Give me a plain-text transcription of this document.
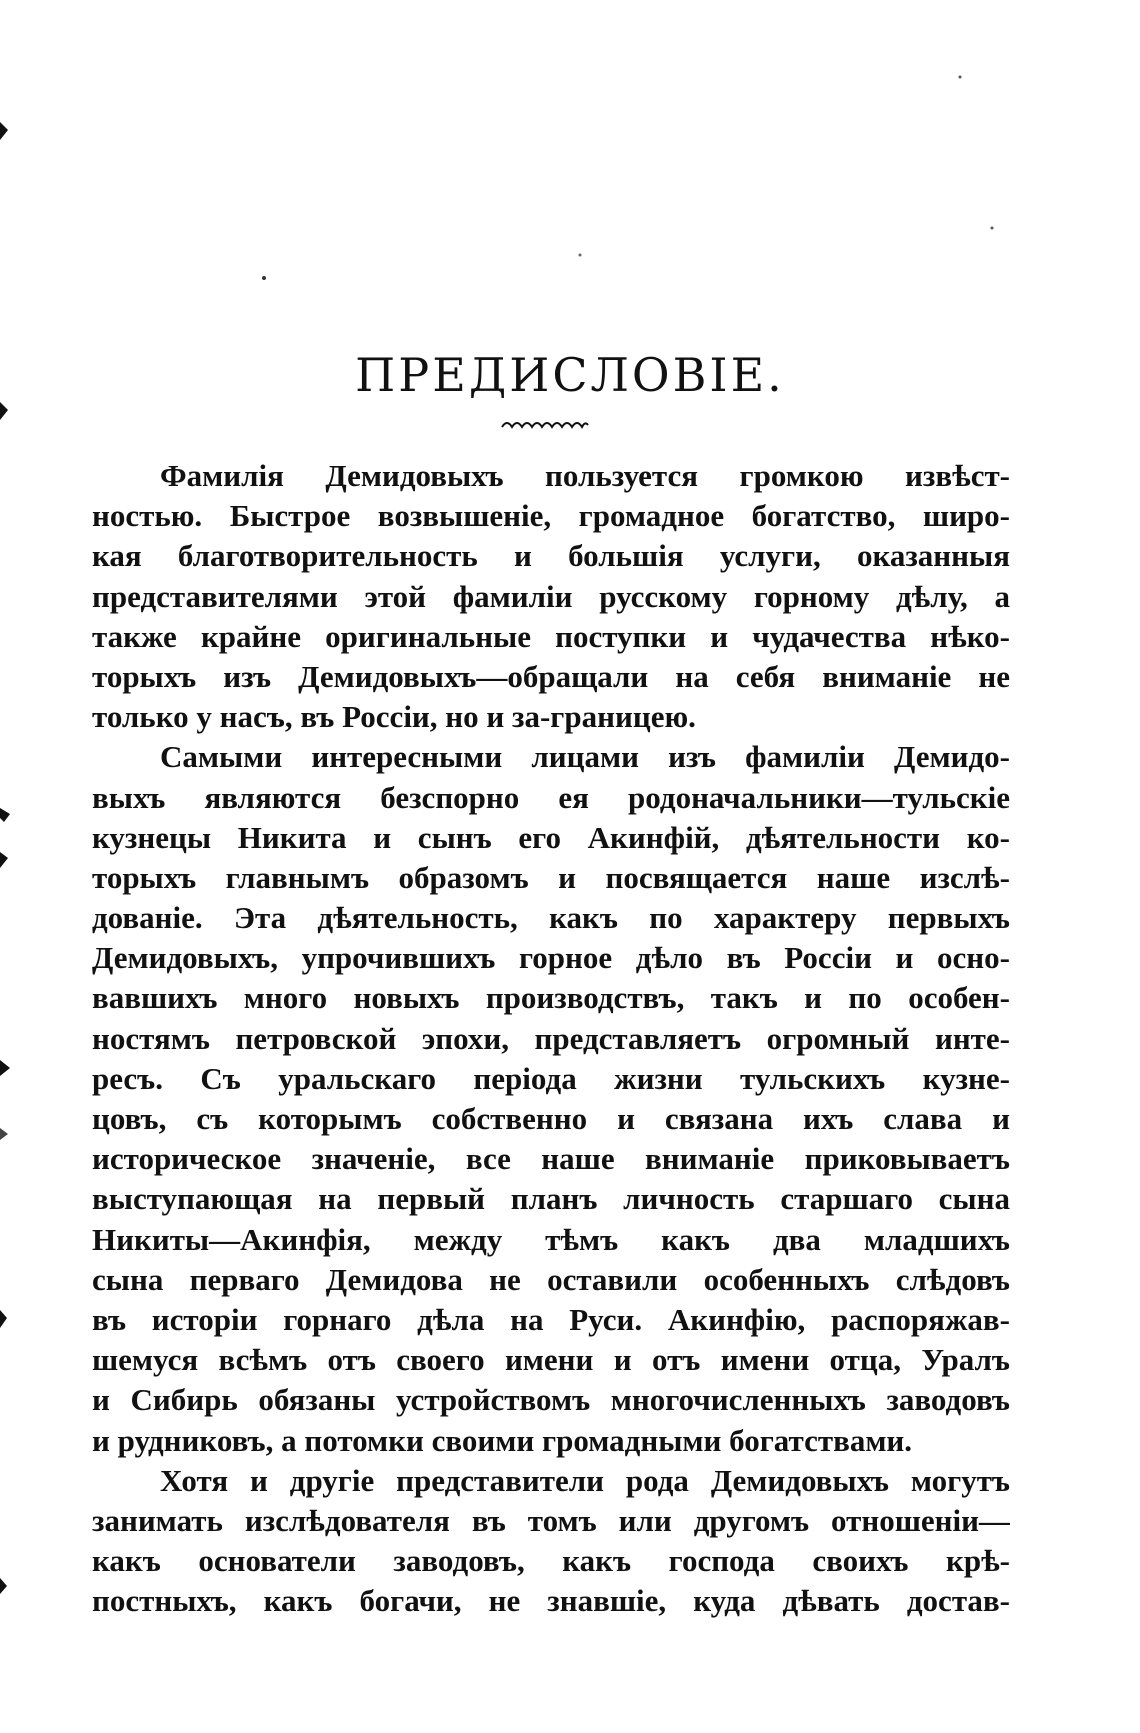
ПРЕДИСЛОВІЕ.
Фамилія Демидовыхъ пользуется громкою извѣст-
ностью. Быстрое возвышеніе, громадное богатство, широ-
кая благотворительность и большія услуги, оказанныя
представителями этой фамиліи русскому горному дѣлу, а
также крайне оригинальные поступки и чудачества нѣко-
торыхъ изъ Демидовыхъ—обращали на себя вниманіе не
только у насъ, въ Россіи, но и за-границею.
Самыми интересными лицами изъ фамиліи Демидо-
выхъ являются безспорно ея родоначальники—тульскіе
кузнецы Никита и сынъ его Акинфій, дѣятельности ко-
торыхъ главнымъ образомъ и посвящается наше изслѣ-
дованіе. Эта дѣятельность, какъ по характеру первыхъ
Демидовыхъ, упрочившихъ горное дѣло въ Россіи и осно-
вавшихъ много новыхъ производствъ, такъ и по особен-
ностямъ петровской эпохи, представляетъ огромный инте-
ресъ. Съ уральскаго періода жизни тульскихъ кузне-
цовъ, съ которымъ собственно и связана ихъ слава и
историческое значеніе, все наше вниманіе приковываетъ
выступающая на первый планъ личность старшаго сына
Никиты—Акинфія, между тѣмъ какъ два младшихъ
сына перваго Демидова не оставили особенныхъ слѣдовъ
въ исторіи горнаго дѣла на Руси. Акинфію, распоряжав-
шемуся всѣмъ отъ своего имени и отъ имени отца, Уралъ
и Сибирь обязаны устройствомъ многочисленныхъ заводовъ
и рудниковъ, а потомки своими громадными богатствами.
Хотя и другіе представители рода Демидовыхъ могутъ
занимать изслѣдователя въ томъ или другомъ отношеніи—
какъ основатели заводовъ, какъ господа своихъ крѣ-
постныхъ, какъ богачи, не знавшіе, куда дѣвать достав-
